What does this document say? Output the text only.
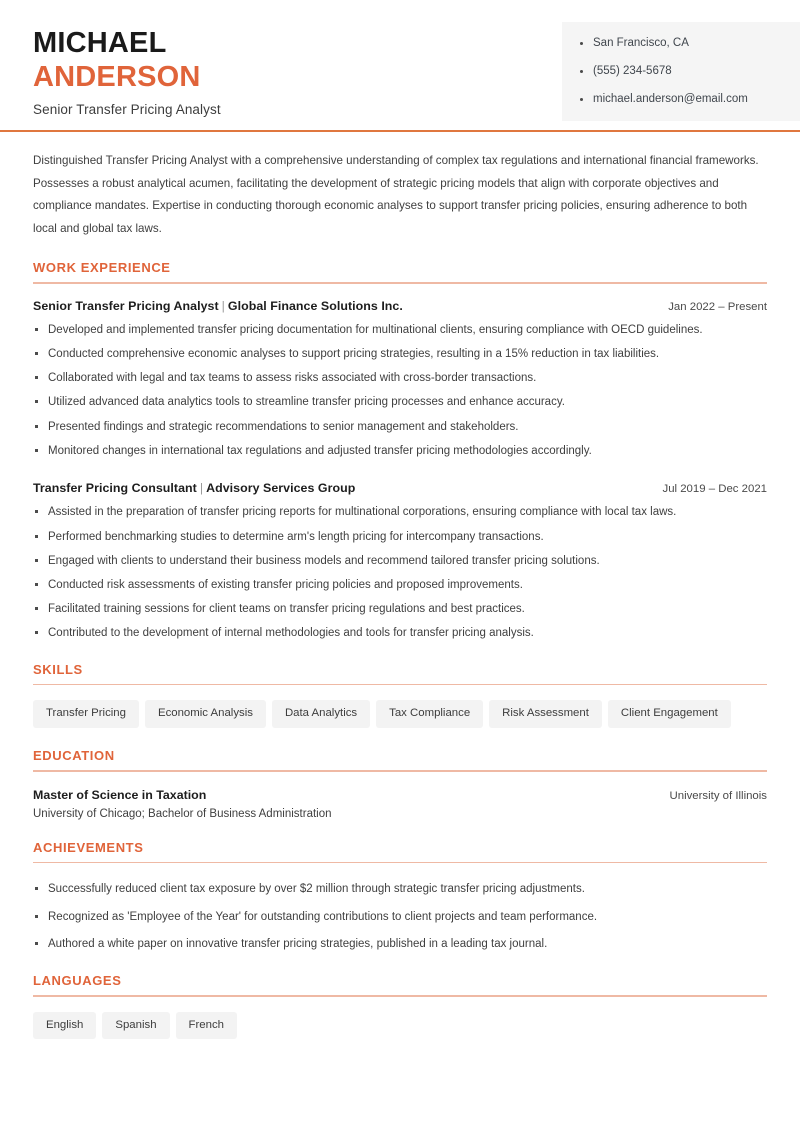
MICHAEL
ANDERSON
Senior Transfer Pricing Analyst
San Francisco, CA
(555) 234-5678
michael.anderson@email.com

Distinguished Transfer Pricing Analyst with a comprehensive understanding of complex tax regulations and international financial frameworks. Possesses a robust analytical acumen, facilitating the development of strategic pricing models that align with corporate objectives and compliance mandates. Expertise in conducting thorough economic analyses to support transfer pricing policies, ensuring adherence to both local and global tax laws.

WORK EXPERIENCE
Senior Transfer Pricing Analyst | Global Finance Solutions Inc.	Jan 2022 – Present
Developed and implemented transfer pricing documentation for multinational clients, ensuring compliance with OECD guidelines.
Conducted comprehensive economic analyses to support pricing strategies, resulting in a 15% reduction in tax liabilities.
Collaborated with legal and tax teams to assess risks associated with cross-border transactions.
Utilized advanced data analytics tools to streamline transfer pricing processes and enhance accuracy.
Presented findings and strategic recommendations to senior management and stakeholders.
Monitored changes in international tax regulations and adjusted transfer pricing methodologies accordingly.
Transfer Pricing Consultant | Advisory Services Group	Jul 2019 – Dec 2021
Assisted in the preparation of transfer pricing reports for multinational corporations, ensuring compliance with local tax laws.
Performed benchmarking studies to determine arm's length pricing for intercompany transactions.
Engaged with clients to understand their business models and recommend tailored transfer pricing solutions.
Conducted risk assessments of existing transfer pricing policies and proposed improvements.
Facilitated training sessions for client teams on transfer pricing regulations and best practices.
Contributed to the development of internal methodologies and tools for transfer pricing analysis.
SKILLS
Transfer Pricing	Economic Analysis	Data Analytics	Tax Compliance	Risk Assessment	Client Engagement
EDUCATION
Master of Science in Taxation	University of Illinois
University of Chicago; Bachelor of Business Administration
ACHIEVEMENTS
Successfully reduced client tax exposure by over $2 million through strategic transfer pricing adjustments.
Recognized as 'Employee of the Year' for outstanding contributions to client projects and team performance.
Authored a white paper on innovative transfer pricing strategies, published in a leading tax journal.
LANGUAGES
English	Spanish	French
